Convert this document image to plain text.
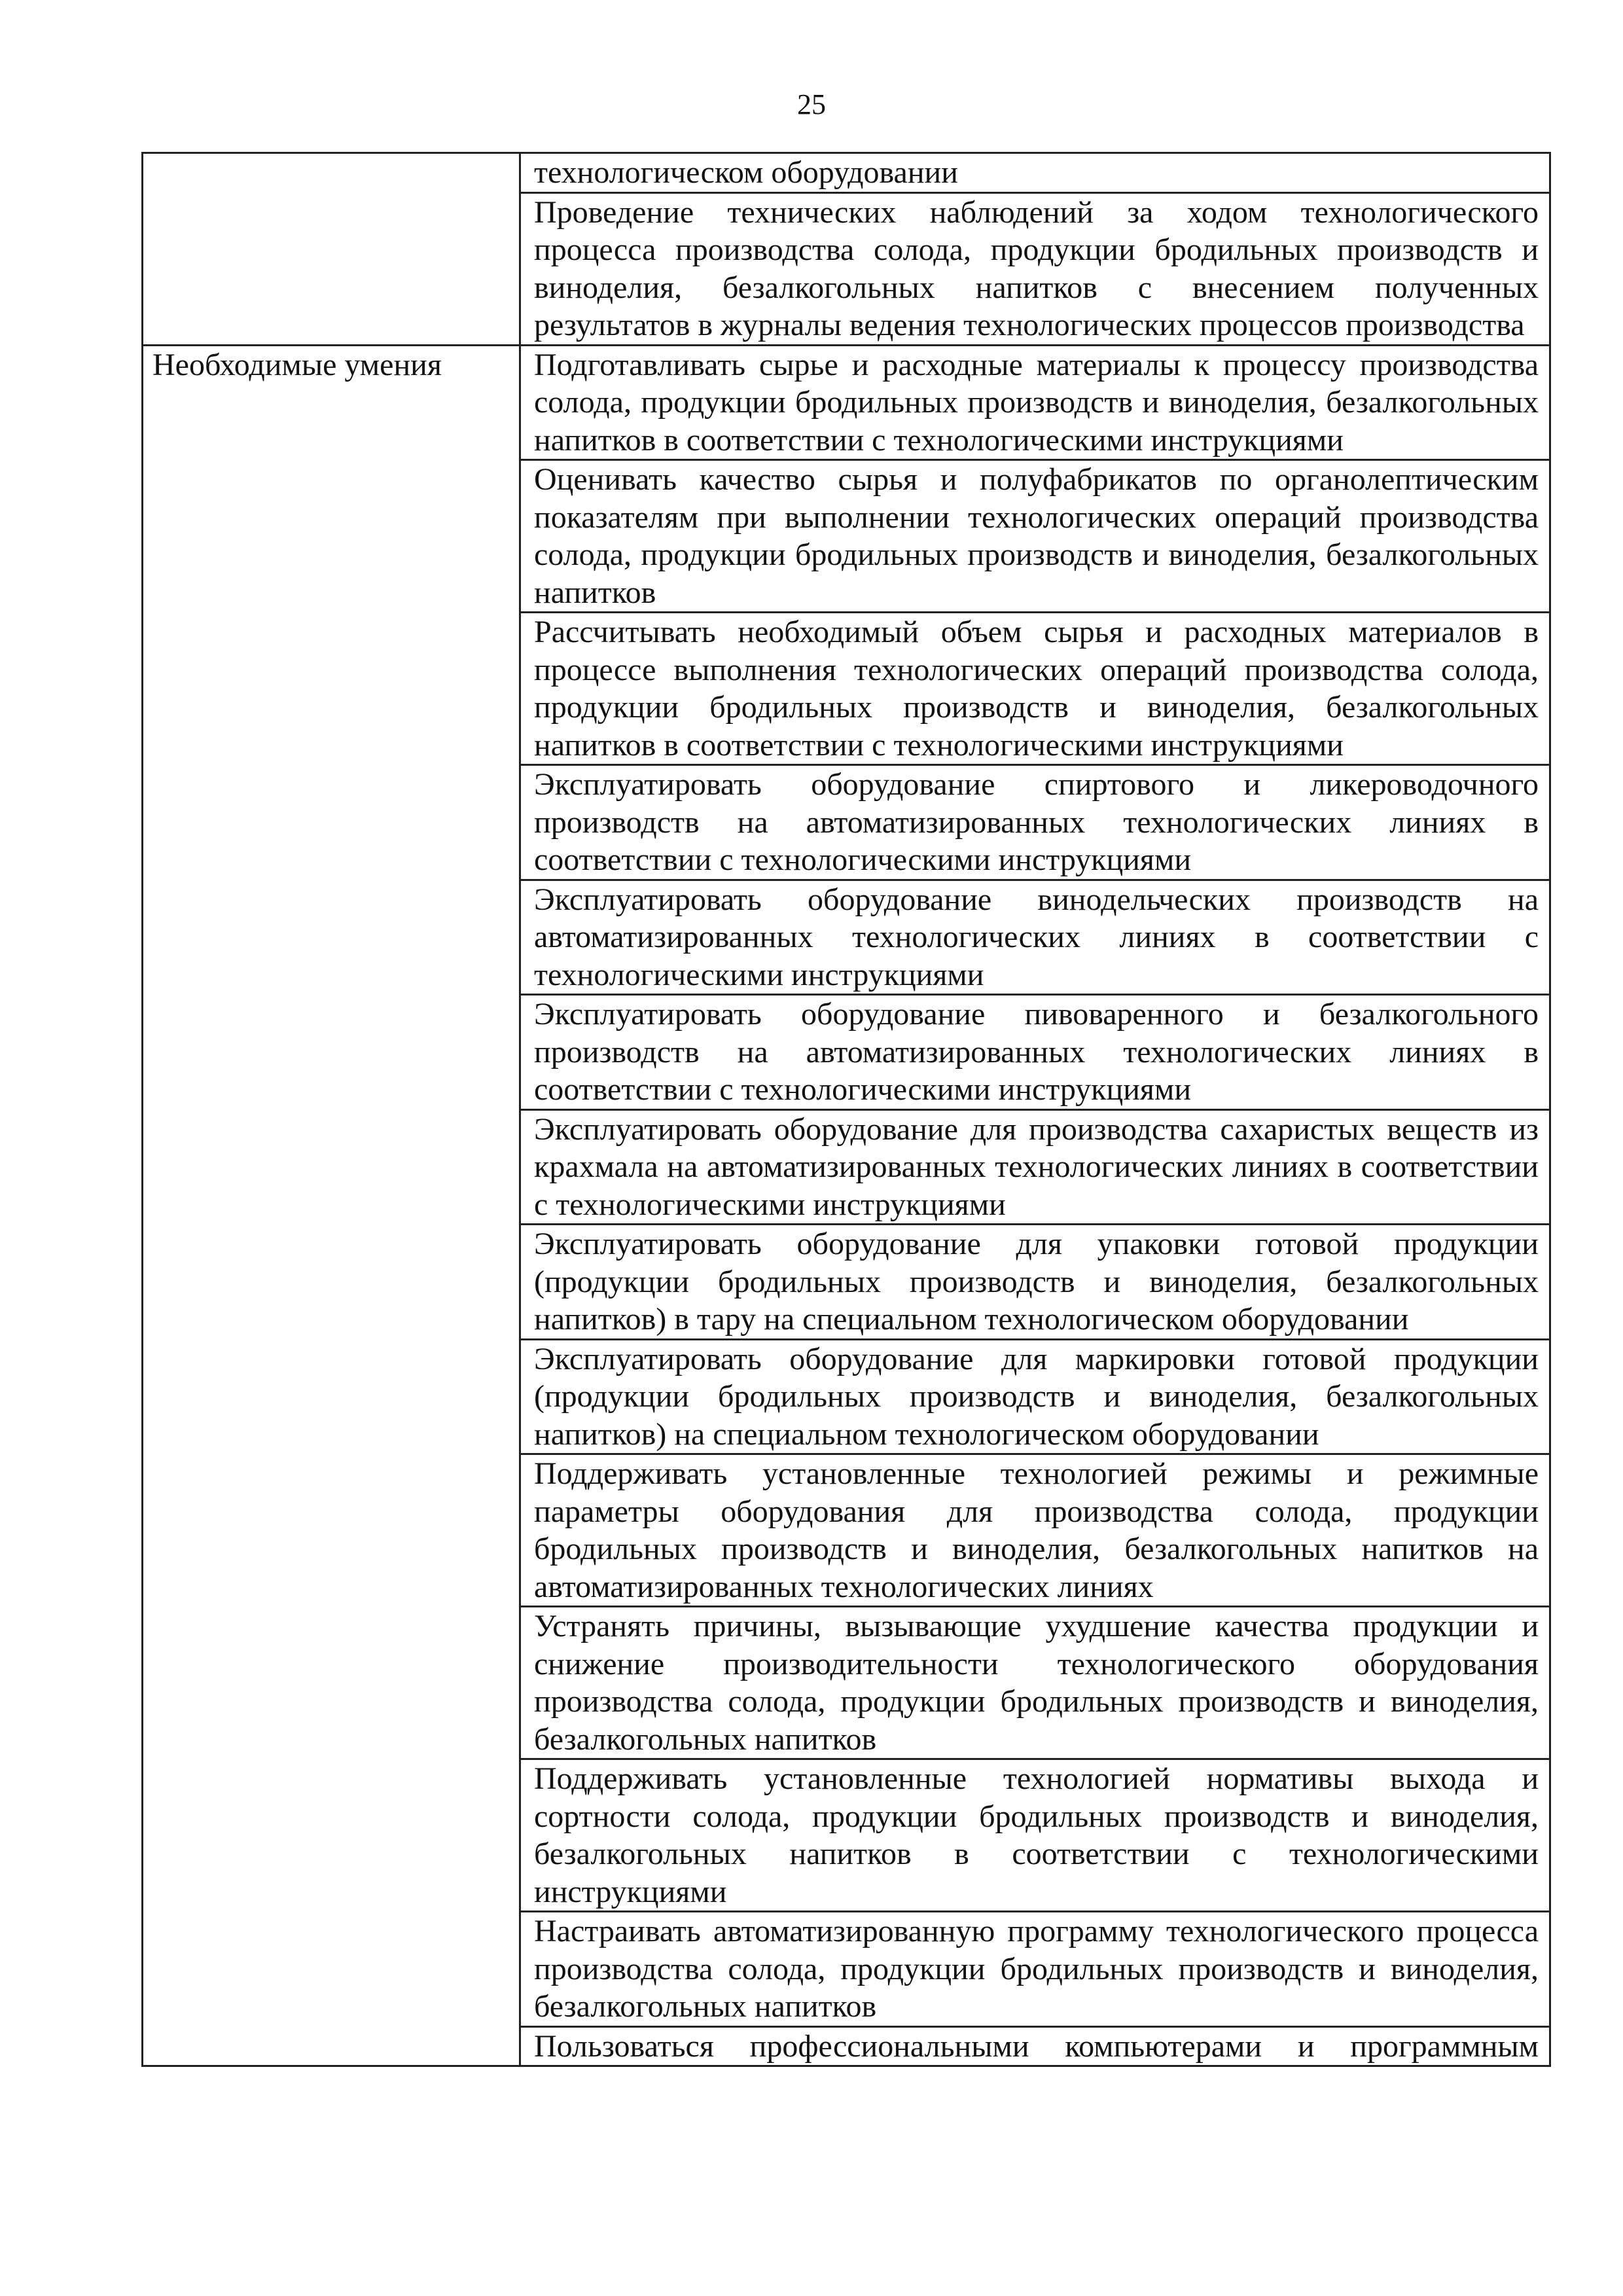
25
	технологическом оборудовании
	Проведение технических наблюдений за ходом технологического процесса производства солода, продукции бродильных производств и виноделия, безалкогольных напитков с внесением полученных результатов в журналы ведения технологических процессов производства
Необходимые умения	Подготавливать сырье и расходные материалы к процессу производства солода, продукции бродильных производств и виноделия, безалкогольных напитков в соответствии с технологическими инструкциями
	Оценивать качество сырья и полуфабрикатов по органолептическим показателям при выполнении технологических операций производства солода, продукции бродильных производств и виноделия, безалкогольных напитков
	Рассчитывать необходимый объем сырья и расходных материалов в процессе выполнения технологических операций производства солода, продукции бродильных производств и виноделия, безалкогольных напитков в соответствии с технологическими инструкциями
	Эксплуатировать оборудование спиртового и ликероводочного производств на автоматизированных технологических линиях в соответствии с технологическими инструкциями
	Эксплуатировать оборудование винодельческих производств на автоматизированных технологических линиях в соответствии с технологическими инструкциями
	Эксплуатировать оборудование пивоваренного и безалкогольного производств на автоматизированных технологических линиях в соответствии с технологическими инструкциями
	Эксплуатировать оборудование для производства сахаристых веществ из крахмала на автоматизированных технологических линиях в соответствии с технологическими инструкциями
	Эксплуатировать оборудование для упаковки готовой продукции (продукции бродильных производств и виноделия, безалкогольных напитков) в тару на специальном технологическом оборудовании
	Эксплуатировать оборудование для маркировки готовой продукции (продукции бродильных производств и виноделия, безалкогольных напитков) на специальном технологическом оборудовании
	Поддерживать установленные технологией режимы и режимные параметры оборудования для производства солода, продукции бродильных производств и виноделия, безалкогольных напитков на автоматизированных технологических линиях
	Устранять причины, вызывающие ухудшение качества продукции и снижение производительности технологического оборудования производства солода, продукции бродильных производств и виноделия, безалкогольных напитков
	Поддерживать установленные технологией нормативы выхода и сортности солода, продукции бродильных производств и виноделия, безалкогольных напитков в соответствии с технологическими инструкциями
	Настраивать автоматизированную программу технологического процесса производства солода, продукции бродильных производств и виноделия, безалкогольных напитков
	Пользоваться профессиональными компьютерами и программным
